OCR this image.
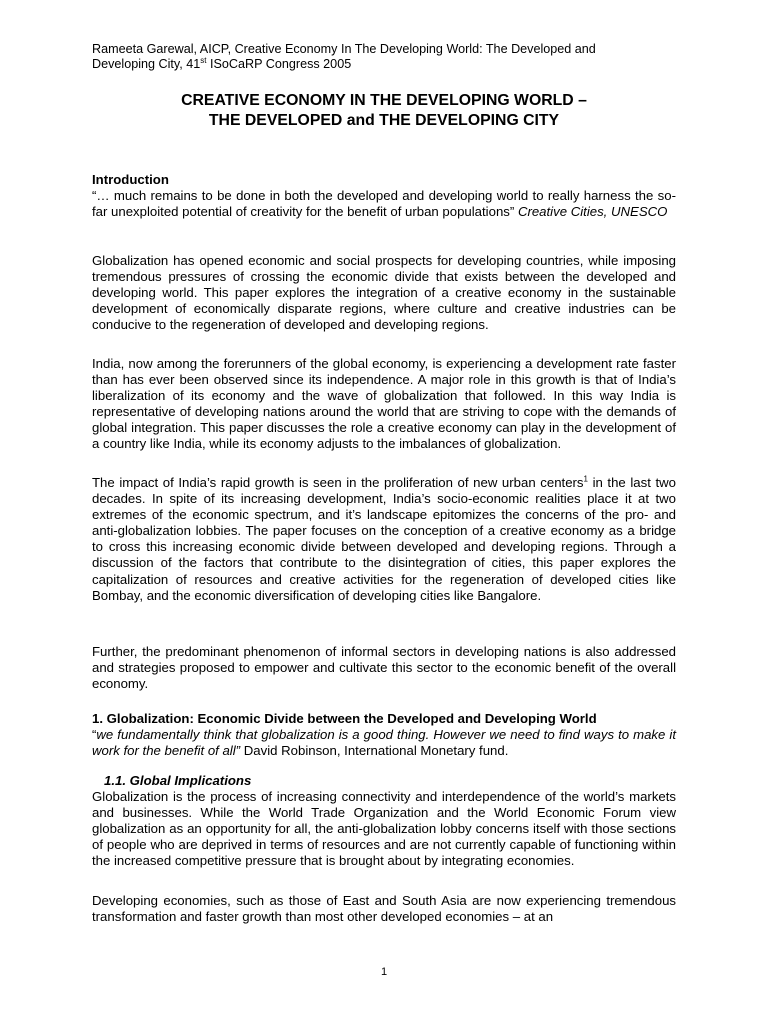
Rameeta Garewal, AICP, Creative Economy In The Developing World: The Developed and
Developing City, 41st ISoCaRP Congress 2005
CREATIVE ECONOMY IN THE DEVELOPING WORLD –
THE DEVELOPED and THE DEVELOPING CITY

Introduction

“… much remains to be done in both the developed and developing world to really harness the so-far unexploited potential of creativity for the benefit of urban populations” Creative Cities, UNESCO

Globalization has opened economic and social prospects for developing countries, while imposing tremendous pressures of crossing the economic divide that exists between the developed and developing world. This paper explores the integration of a creative economy in the sustainable development of economically disparate regions, where culture and creative industries can be conducive to the regeneration of developed and developing regions.
India, now among the forerunners of the global economy, is experiencing a development rate faster than has ever been observed since its independence. A major role in this growth is that of India’s liberalization of its economy and the wave of globalization that followed. In this way India is representative of developing nations around the world that are striving to cope with the demands of global integration. This paper discusses the role a creative economy can play in the development of a country like India, while its economy adjusts to the imbalances of globalization.
The impact of India’s rapid growth is seen in the proliferation of new urban centers$^1$ in the last two decades. In spite of its increasing development, India’s socio-economic realities place it at two extremes of the economic spectrum, and it’s landscape epitomizes the concerns of the pro- and anti-globalization lobbies. The paper focuses on the conception of a creative economy as a bridge to cross this increasing economic divide between developed and developing regions. Through a discussion of the factors that contribute to the disintegration of cities, this paper explores the capitalization of resources and creative activities for the regeneration of developed cities like Bombay, and the economic diversification of developing cities like Bangalore.
Further, the predominant phenomenon of informal sectors in developing nations is also addressed and strategies proposed to empower and cultivate this sector to the economic benefit of the overall economy.

1. Globalization: Economic Divide between the Developed and Developing World

“we fundamentally think that globalization is a good thing. However we need to find ways to make it work for the benefit of all” David Robinson, International Monetary fund.

1.1. Global Implications

Globalization is the process of increasing connectivity and interdependence of the world’s markets and businesses. While the World Trade Organization and the World Economic Forum view globalization as an opportunity for all, the anti-globalization lobby concerns itself with those sections of people who are deprived in terms of resources and are not currently capable of functioning within the increased competitive pressure that is brought about by integrating economies.

Developing economies, such as those of East and South Asia are now experiencing tremendous transformation and faster growth than most other developed economies – at an
1
